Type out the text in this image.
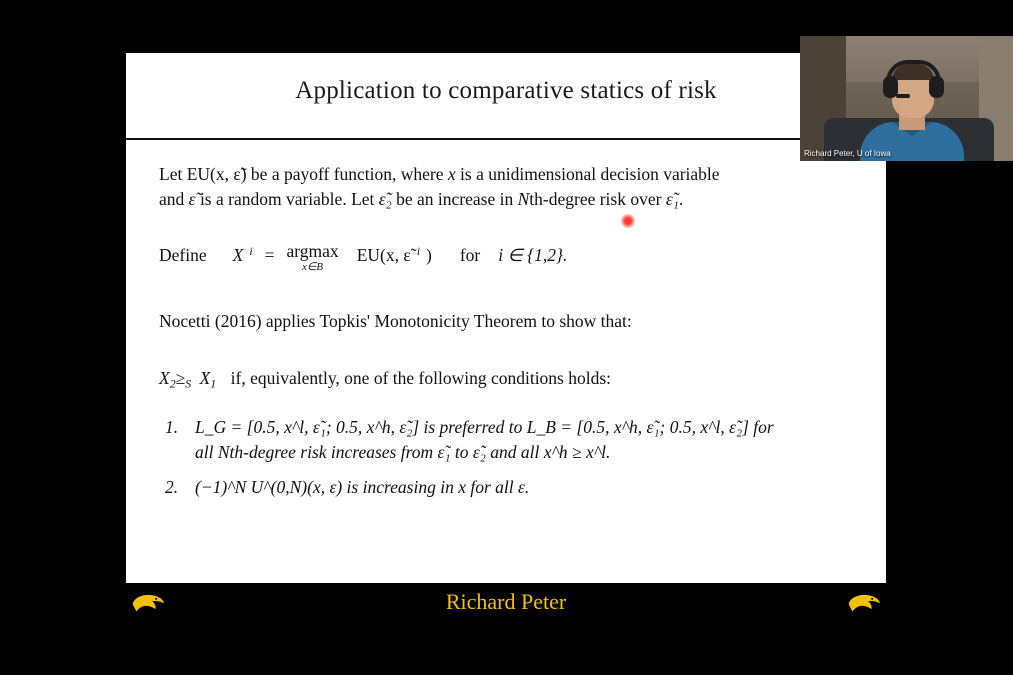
Application to comparative statics of risk
Let EU(x, ε̃) be a payoff function, where x is a unidimensional decision variable
and ε̃ is a random variable. Let ε̃₂ be an increase in Nth-degree risk over ε̃₁.
Define X $^i$ = argmax
x∈B
EU(x, ε̃ $^i$ ) for i ∈ {1,2}.
Nocetti (2016) applies Topkis' Monotonicity Theorem to show that:
$X_2\ge_S$ $X_1$ if, equivalently, one of the following conditions holds:
1. L_G = [0.5, x^l, ε̃₁; 0.5, x^h, ε̃₂] is preferred to L_B = [0.5, x^h, ε̃₁; 0.5, x^l, ε̃₂] for
all Nth-degree risk increases from ε̃₁ to ε̃₂ and all x^h ≥ x^l.
2. (−1)^N U^(0,N)(x, ε) is increasing in x for all ε.
Richard Peter
Richard Peter, U of Iowa
